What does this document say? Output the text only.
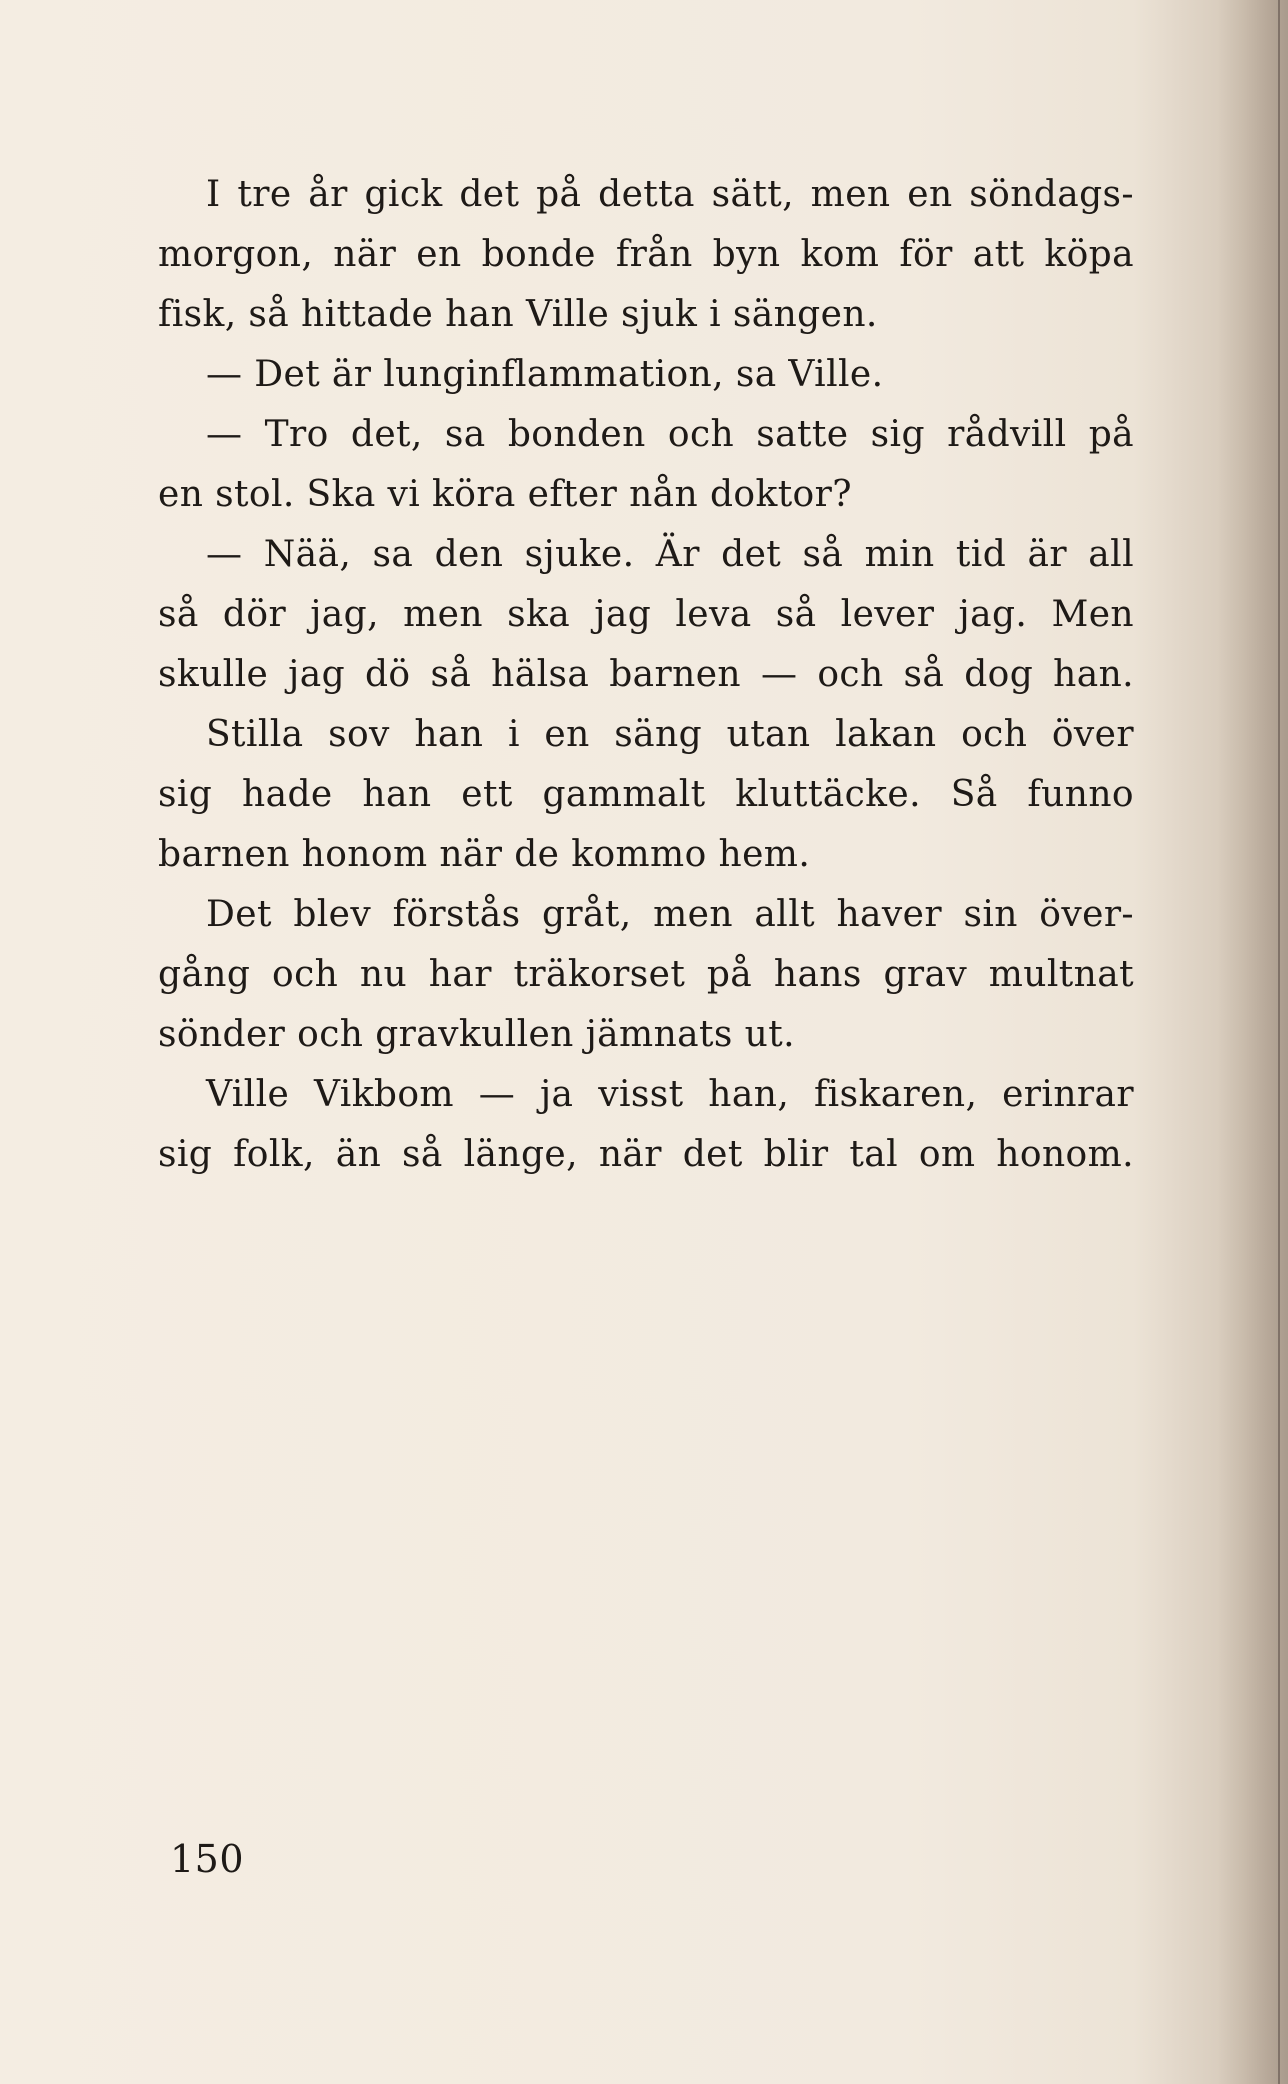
I tre år gick det på detta sätt, men en söndags-
morgon, när en bonde från byn kom för att köpa
fisk, så hittade han Ville sjuk i sängen.
— Det är lunginflammation, sa Ville.
— Tro det, sa bonden och satte sig rådvill på
en stol. Ska vi köra efter nån doktor?
— Nää, sa den sjuke. Är det så min tid är all
så dör jag, men ska jag leva så lever jag. Men
skulle jag dö så hälsa barnen — och så dog han.
Stilla sov han i en säng utan lakan och över
sig hade han ett gammalt kluttäcke. Så funno
barnen honom när de kommo hem.
Det blev förstås gråt, men allt haver sin över-
gång och nu har träkorset på hans grav multnat
sönder och gravkullen jämnats ut.
Ville Vikbom — ja visst han, fiskaren, erinrar
sig folk, än så länge, när det blir tal om honom.
150
